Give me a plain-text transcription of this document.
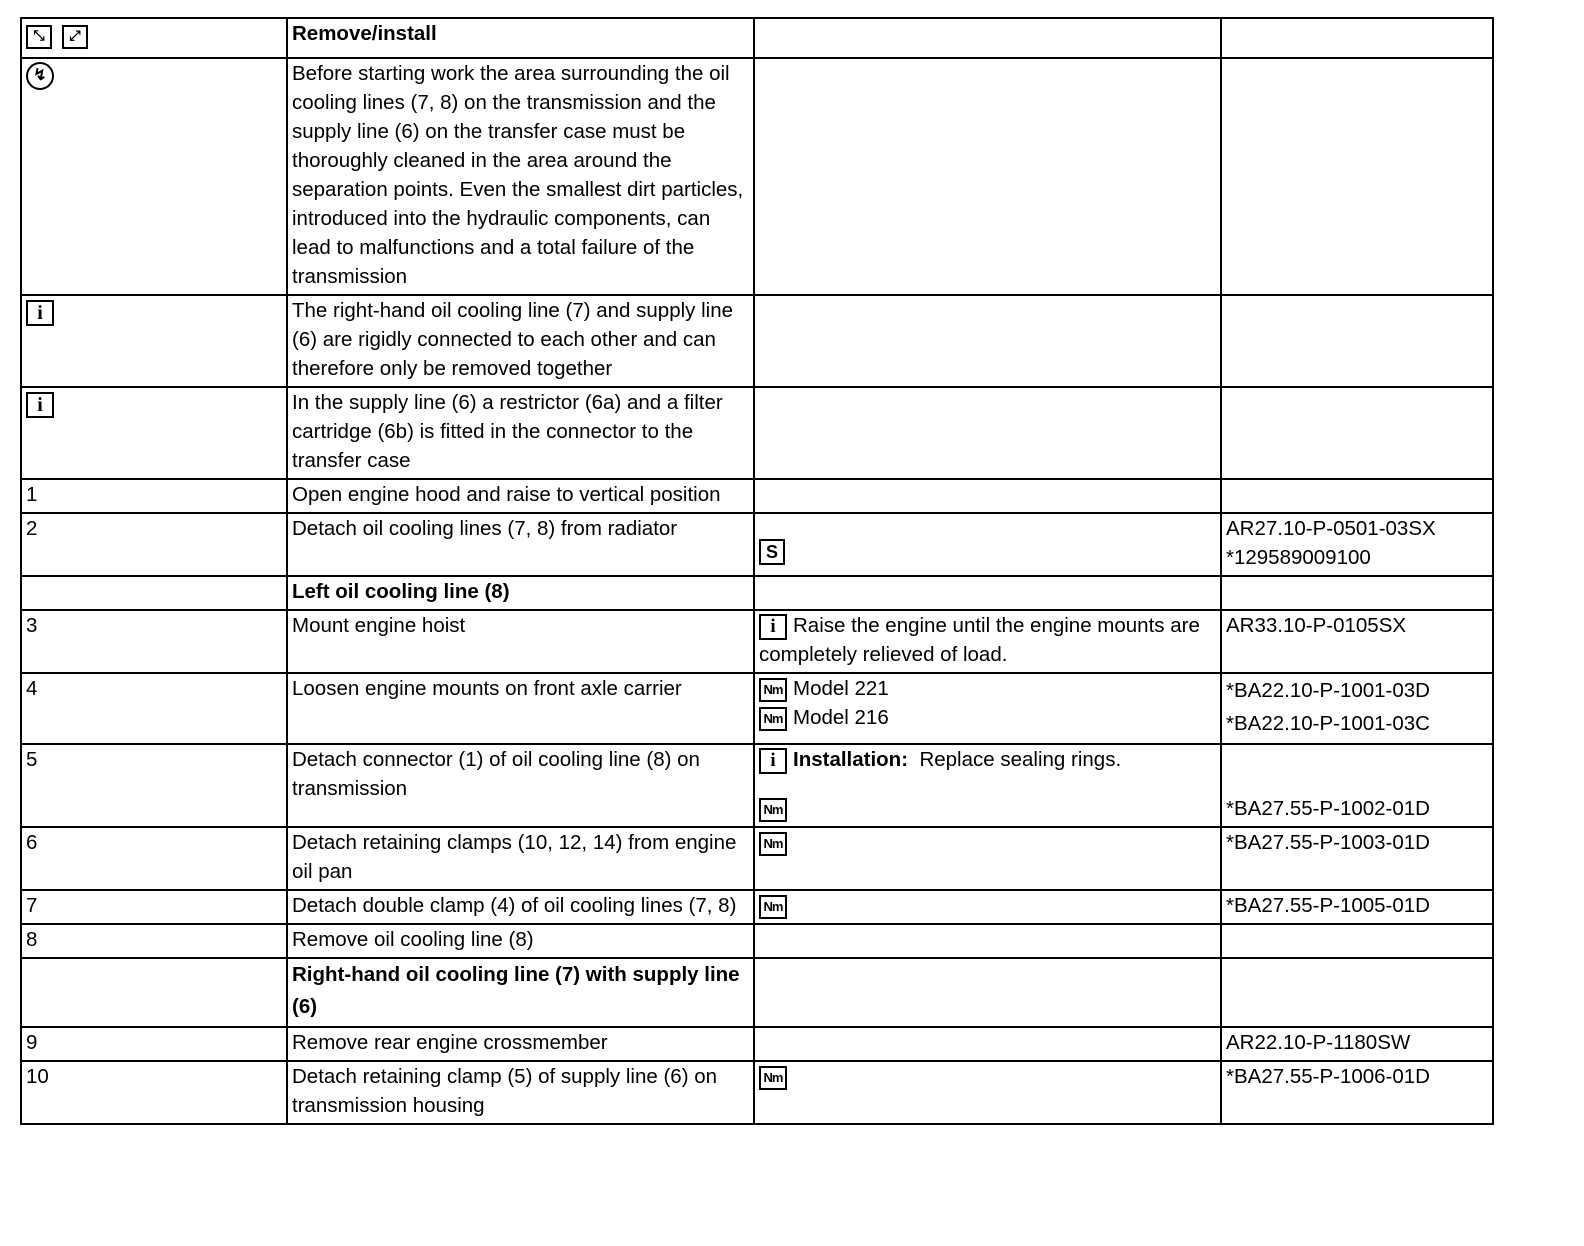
⤡ ⤢	Remove/install		
↯	Before starting work the area surrounding the oil cooling lines (7, 8) on the transmission and the supply line (6) on the transfer case must be thoroughly cleaned in the area around the separation points. Even the smallest dirt particles, introduced into the hydraulic components, can lead to malfunctions and a total failure of the transmission		
i	The right-hand oil cooling line (7) and supply line (6) are rigidly connected to each other and can therefore only be removed together		
i	In the supply line (6) a restrictor (6a) and a filter cartridge (6b) is fitted in the connector to the transfer case		
1	Open engine hood and raise to vertical position		
2	Detach oil cooling lines (7, 8) from radiator	S	AR27.10-P-0501-03SX
*129589009100

	Left oil cooling line (8)		
3	Mount engine hoist	i Raise the engine until the engine mounts are completely relieved of load.	AR33.10-P-0105SX

4	Loosen engine mounts on front axle carrier	Nm Model 221
Nm Model 216	*BA22.10-P-1001-03D
*BA22.10-P-1001-03C

5	Detach connector (1) of oil cooling line (8) on transmission	i Installation: Replace sealing rings.
Nm	*BA27.55-P-1002-01D

6	Detach retaining clamps (10, 12, 14) from engine oil pan	Nm	*BA27.55-P-1003-01D

7	Detach double clamp (4) of oil cooling lines (7, 8)	Nm	*BA27.55-P-1005-01D

8	Remove oil cooling line (8)		
	Right-hand oil cooling line (7) with supply line (6)		
9	Remove rear engine crossmember		AR22.10-P-1180SW

10	Detach retaining clamp (5) of supply line (6) on transmission housing	Nm	*BA27.55-P-1006-01D
